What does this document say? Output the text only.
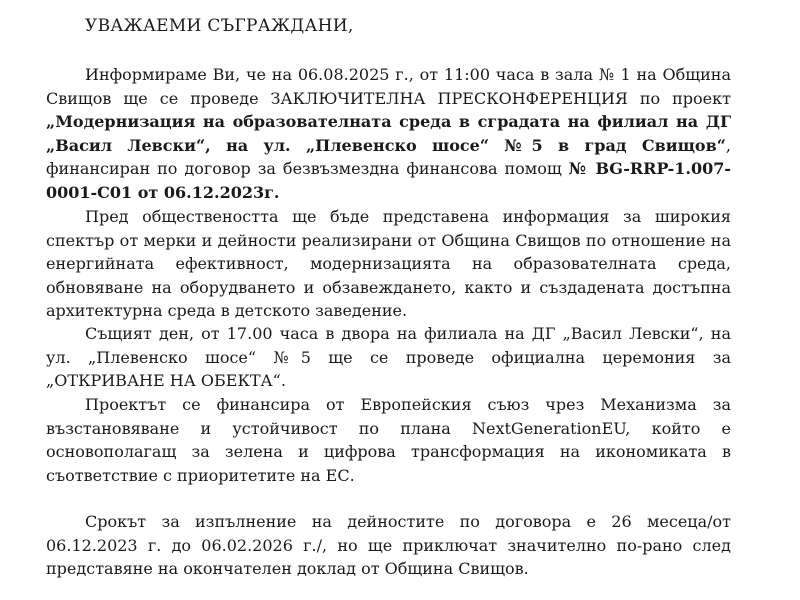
УВАЖАЕМИ СЪГРАЖДАНИ,

Информираме Ви, че на 06.08.2025 г., от 11:00 часа в зала № 1 на Община Свищов ще се проведе ЗАКЛЮЧИТЕЛНА ПРЕСКОНФЕРЕНЦИЯ по проект „Модернизация на образователната среда в сградата на филиал на ДГ „Васил Левски“, на ул. „Плевенско шосе“ №5 в град Свищов“, финансиран по договор за безвъзмездна финансова помощ № BG-RRP-1.007-0001-C01 от 06.12.2023г.

Пред обществеността ще бъде представена информация за широкия спектър от мерки и дейности реализирани от Община Свищов по отношение на енергийната ефективност, модернизацията на образователната среда, обновяване на оборудването и обзавеждането, както и създадената достъпна архитектурна среда в детското заведение.

Същият ден, от 17.00 часа в двора на филиала на ДГ „Васил Левски“, на ул. „Плевенско шосе“ №5 ще се проведе официална церемония за „ОТКРИВАНЕ НА ОБЕКТА“.

Проектът се финансира от Европейския съюз чрез Механизма за възстановяване и устойчивост по плана NextGenerationEU, който е основополагащ за зелена и цифрова трансформация на икономиката в съответствие с приоритетите на ЕС.

Срокът за изпълнение на дейностите по договора е 26 месеца/от 06.12.2023 г. до 06.02.2026 г./, но ще приключат значително по-рано след представяне на окончателен доклад от Община Свищов.
